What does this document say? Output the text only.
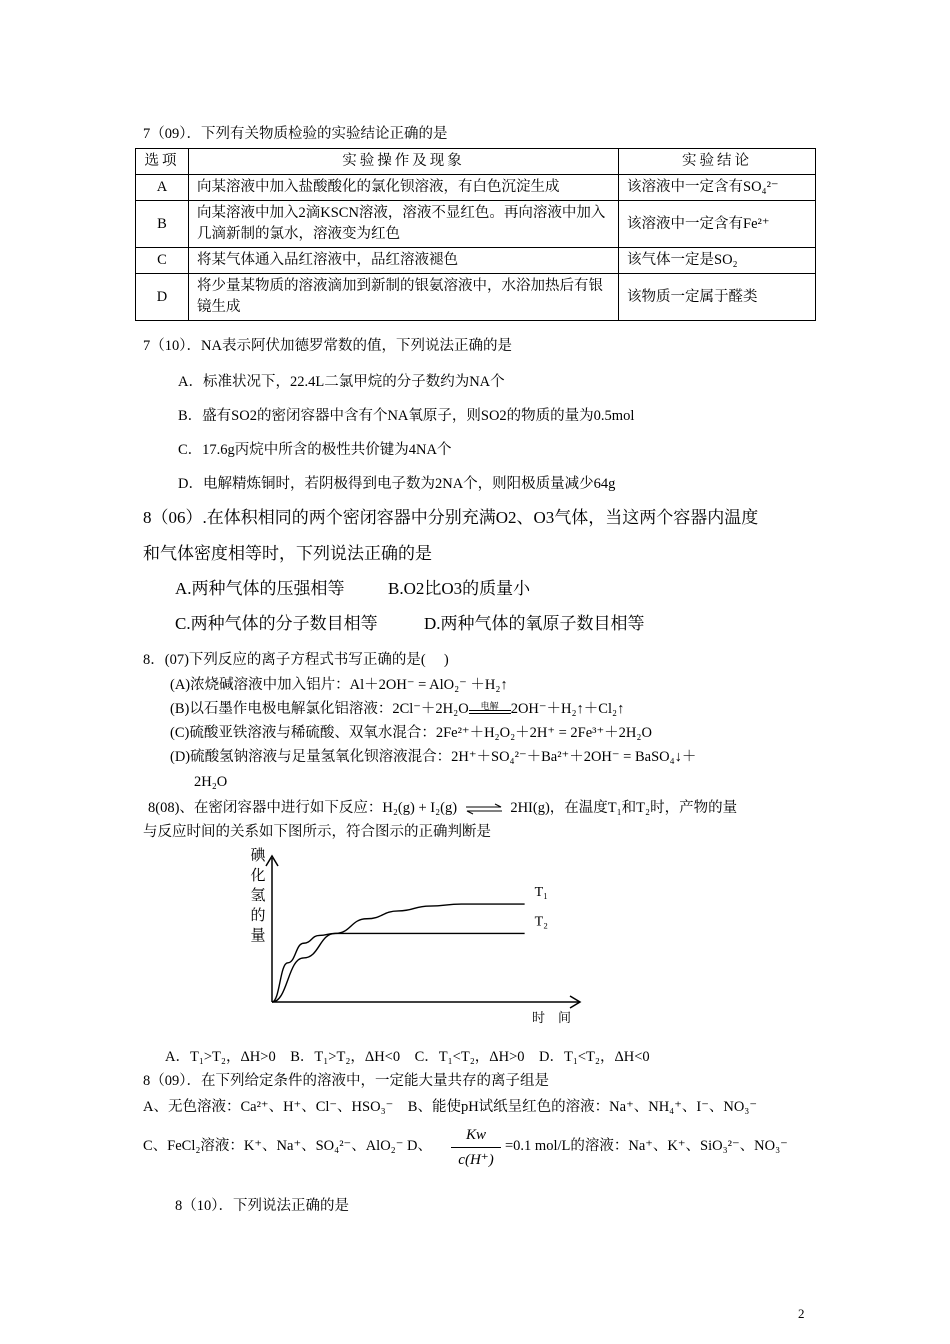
7（09）．下列有关物质检验的实验结论正确的是
选项	实验操作及现象	实验结论
A	向某溶液中加入盐酸酸化的氯化钡溶液，有白色沉淀生成	该溶液中一定含有SO₄²⁻
B	向某溶液中加入2滴KSCN溶液，溶液不显红色。再向溶液中加入几滴新制的氯水，溶液变为红色	该溶液中一定含有Fe²⁺
C	将某气体通入品红溶液中，品红溶液褪色	该气体一定是SO₂
D	将少量某物质的溶液滴加到新制的银氨溶液中，水浴加热后有银镜生成	该物质一定属于醛类
7（10）．NA表示阿伏加德罗常数的值，下列说法正确的是
A．标准状况下，22.4L二氯甲烷的分子数约为NA个
B．盛有SO2的密闭容器中含有个NA氧原子，则SO2的物质的量为0.5mol
C．17.6g丙烷中所含的极性共价键为4NA个
D．电解精炼铜时，若阴极得到电子数为2NA个，则阳极质量减少64g
8（06）.在体积相同的两个密闭容器中分别充满O2、O3气体，当这两个容器内温度
和气体密度相等时，下列说法正确的是
A.两种气体的压强相等	B.O2比O3的质量小
C.两种气体的分子数目相等	D.两种气体的氧原子数目相等
8．(07)下列反应的离子方程式书写正确的是(　 )
(A)浓烧碱溶液中加入铝片：Al＋2OH⁻ = AlO₂⁻ ＋H₂↑
(B)以石墨作电极电解氯化铝溶液：2Cl⁻＋2H₂O	电解 2OH⁻＋H₂↑＋Cl₂↑
(C)硫酸亚铁溶液与稀硫酸、双氧水混合：2Fe²⁺＋H₂O₂＋2H⁺ = 2Fe³⁺＋2H₂O
(D)硫酸氢钠溶液与足量氢氧化钡溶液混合：2H⁺＋SO₄²⁻＋Ba²⁺＋2OH⁻ = BaSO₄↓＋
2H₂O
8(08)、在密闭容器中进行如下反应：H₂(g) + I₂(g) ⇌ 2HI(g)，在温度T₁和T₂时，产物的量
与反应时间的关系如下图所示，符合图示的正确判断是
碘化氢的量
T₁
T₂
时　间
A．T₁>T₂，ΔH>0　B．T₁>T₂，ΔH<0　C．T₁<T₂，ΔH>0　D．T₁<T₂，ΔH<0
8（09）．在下列给定条件的溶液中，一定能大量共存的离子组是
A、无色溶液：Ca²⁺、H⁺、Cl⁻、HSO₃⁻　B、能使pH试纸呈红色的溶液：Na⁺、NH₄⁺、I⁻、NO₃⁻
C、FeCl₂溶液：K⁺、Na⁺、SO₄²⁻、AlO₂⁻ D、 $\frac{Kw}{c(H^+)} =0.1$ mol/L的溶液：Na⁺、K⁺、SiO₃²⁻、NO₃⁻
8（10）．下列说法正确的是
2
